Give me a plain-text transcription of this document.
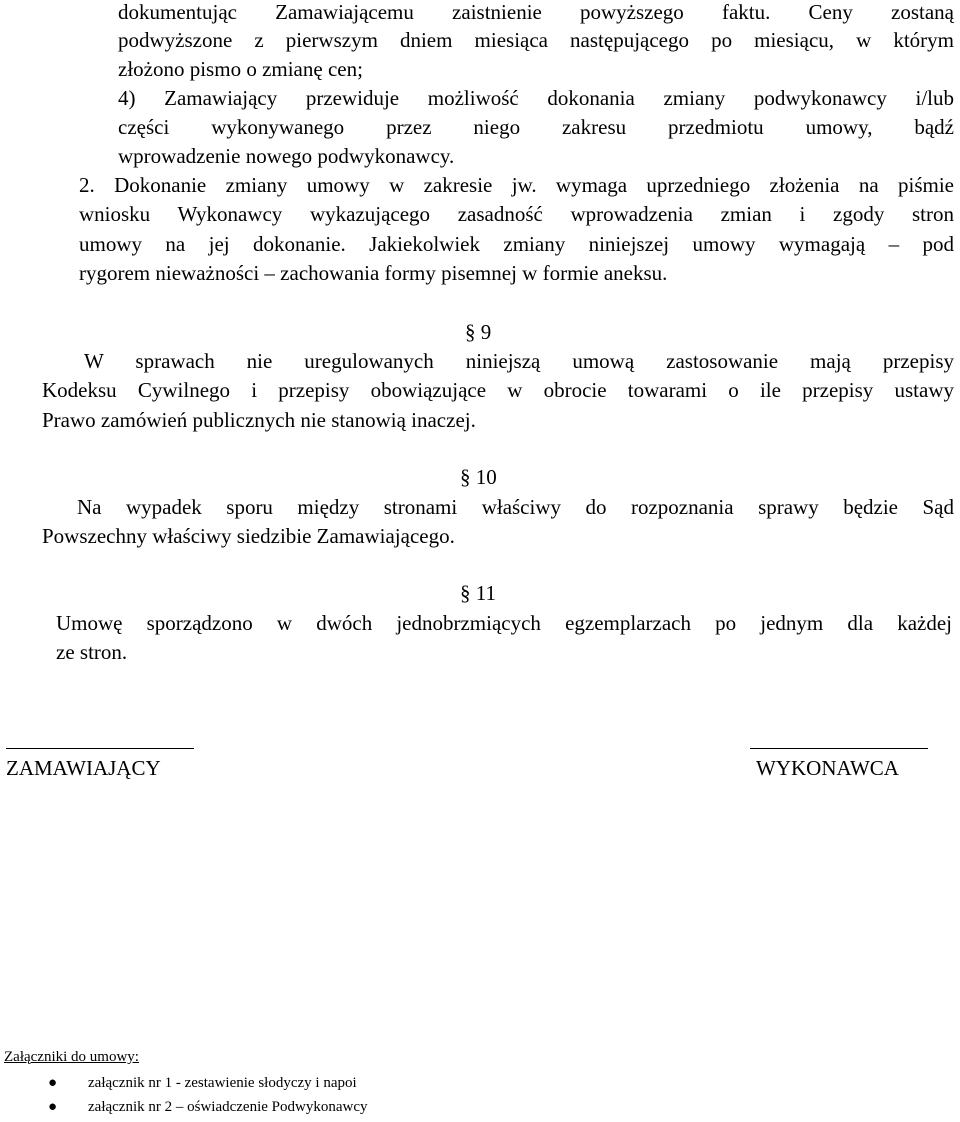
dokumentując Zamawiającemu zaistnienie powyższego faktu. Ceny zostaną
podwyższone z pierwszym dniem miesiąca następującego po miesiącu, w którym
złożono pismo o zmianę cen;
4) Zamawiający przewiduje możliwość dokonania zmiany podwykonawcy i/lub
części wykonywanego przez niego zakresu przedmiotu umowy, bądź
wprowadzenie nowego podwykonawcy.
2. Dokonanie zmiany umowy w zakresie jw. wymaga uprzedniego złożenia na piśmie
wniosku Wykonawcy wykazującego zasadność wprowadzenia zmian i zgody stron
umowy na jej dokonanie. Jakiekolwiek zmiany niniejszej umowy wymagają – pod
rygorem nieważności – zachowania formy pisemnej w formie aneksu.
§ 9
W sprawach nie uregulowanych niniejszą umową zastosowanie mają przepisy
Kodeksu Cywilnego i przepisy obowiązujące w obrocie towarami o ile przepisy ustawy
Prawo zamówień publicznych nie stanowią inaczej.
§ 10
Na wypadek sporu między stronami właściwy do rozpoznania sprawy będzie Sąd
Powszechny właściwy siedzibie Zamawiającego.
§ 11
Umowę sporządzono w dwóch jednobrzmiących egzemplarzach po jednym dla każdej
ze stron.
ZAMAWIAJĄCY	WYKONAWCA
Załączniki do umowy:
● załącznik nr 1 - zestawienie słodyczy i napoi
● załącznik nr 2 – oświadczenie Podwykonawcy
